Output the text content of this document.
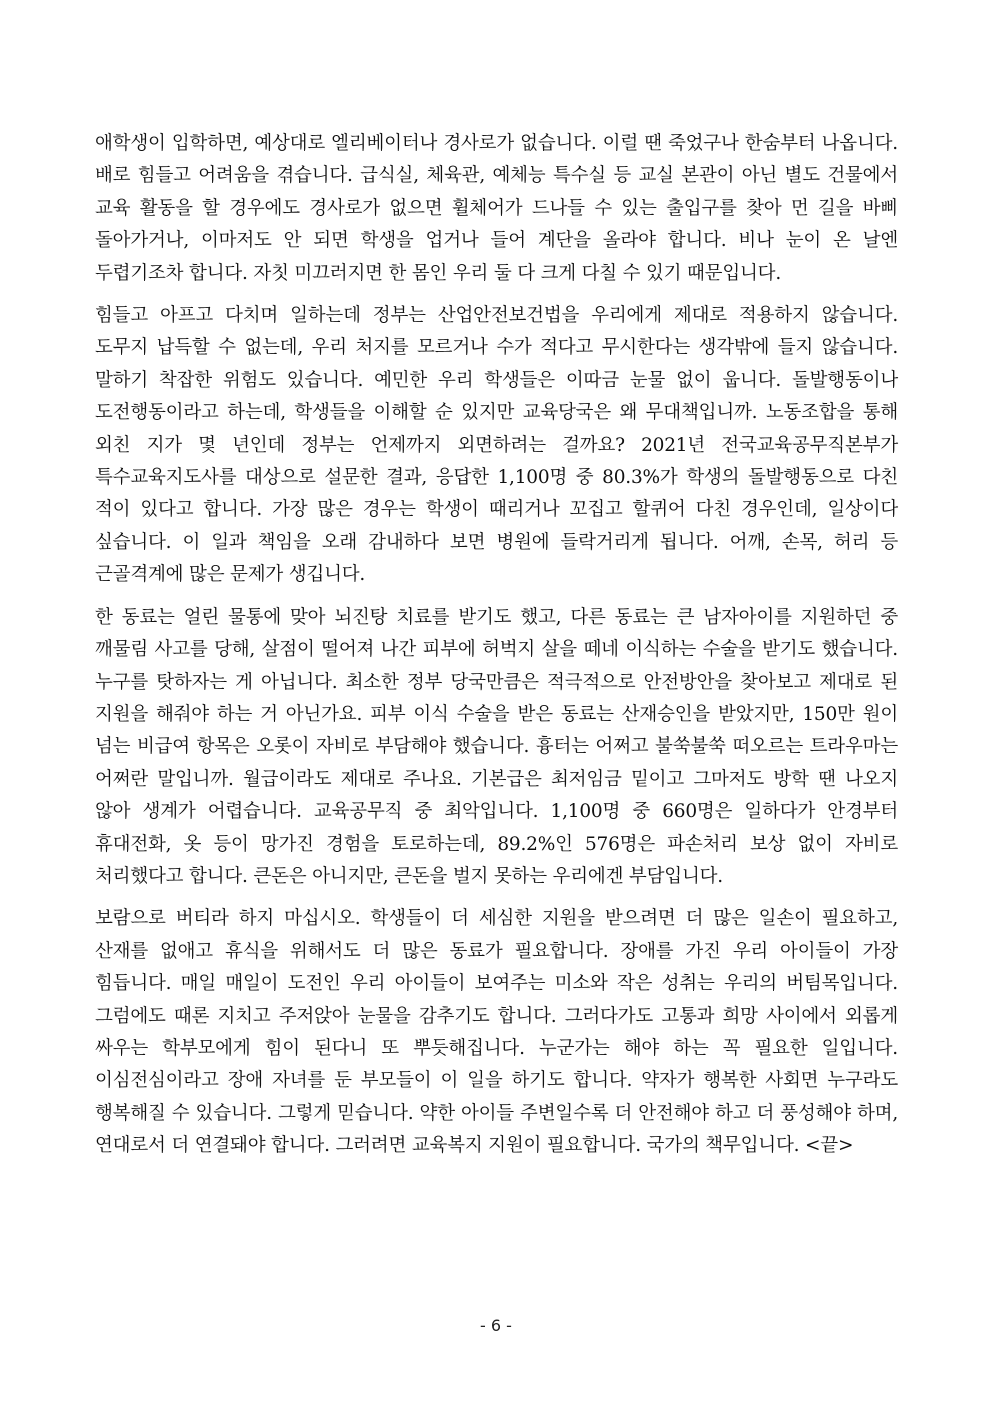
애학생이 입학하면, 예상대로 엘리베이터나 경사로가 없습니다. 이럴 땐 죽었구나 한숨부터 나옵니다. 배로 힘들고 어려움을 겪습니다. 급식실, 체육관, 예체능 특수실 등 교실 본관이 아닌 별도 건물에서 교육 활동을 할 경우에도 경사로가 없으면 휠체어가 드나들 수 있는 출입구를 찾아 먼 길을 바삐 돌아가거나, 이마저도 안 되면 학생을 업거나 들어 계단을 올라야 합니다. 비나 눈이 온 날엔 두렵기조차 합니다. 자칫 미끄러지면 한 몸인 우리 둘 다 크게 다칠 수 있기 때문입니다.

힘들고 아프고 다치며 일하는데 정부는 산업안전보건법을 우리에게 제대로 적용하지 않습니다. 도무지 납득할 수 없는데, 우리 처지를 모르거나 수가 적다고 무시한다는 생각밖에 들지 않습니다. 말하기 착잡한 위험도 있습니다. 예민한 우리 학생들은 이따금 눈물 없이 웁니다. 돌발행동이나 도전행동이라고 하는데, 학생들을 이해할 순 있지만 교육당국은 왜 무대책입니까. 노동조합을 통해 외친 지가 몇 년인데 정부는 언제까지 외면하려는 걸까요? 2021년 전국교육공무직본부가 특수교육지도사를 대상으로 설문한 결과, 응답한 1,100명 중 80.3%가 학생의 돌발행동으로 다친 적이 있다고 합니다. 가장 많은 경우는 학생이 때리거나 꼬집고 할퀴어 다친 경우인데, 일상이다 싶습니다. 이 일과 책임을 오래 감내하다 보면 병원에 들락거리게 됩니다. 어깨, 손목, 허리 등 근골격계에 많은 문제가 생깁니다.

한 동료는 얼린 물통에 맞아 뇌진탕 치료를 받기도 했고, 다른 동료는 큰 남자아이를 지원하던 중 깨물림 사고를 당해, 살점이 떨어져 나간 피부에 허벅지 살을 떼네 이식하는 수술을 받기도 했습니다. 누구를 탓하자는 게 아닙니다. 최소한 정부 당국만큼은 적극적으로 안전방안을 찾아보고 제대로 된 지원을 해줘야 하는 거 아닌가요. 피부 이식 수술을 받은 동료는 산재승인을 받았지만, 150만 원이 넘는 비급여 항목은 오롯이 자비로 부담해야 했습니다. 흉터는 어쩌고 불쑥불쑥 떠오르는 트라우마는 어쩌란 말입니까. 월급이라도 제대로 주나요. 기본급은 최저임금 밑이고 그마저도 방학 땐 나오지 않아 생계가 어렵습니다. 교육공무직 중 최악입니다. 1,100명 중 660명은 일하다가 안경부터 휴대전화, 옷 등이 망가진 경험을 토로하는데, 89.2%인 576명은 파손처리 보상 없이 자비로 처리했다고 합니다. 큰돈은 아니지만, 큰돈을 벌지 못하는 우리에겐 부담입니다.

보람으로 버티라 하지 마십시오. 학생들이 더 세심한 지원을 받으려면 더 많은 일손이 필요하고, 산재를 없애고 휴식을 위해서도 더 많은 동료가 필요합니다. 장애를 가진 우리 아이들이 가장 힘듭니다. 매일 매일이 도전인 우리 아이들이 보여주는 미소와 작은 성취는 우리의 버팀목입니다. 그럼에도 때론 지치고 주저앉아 눈물을 감추기도 합니다. 그러다가도 고통과 희망 사이에서 외롭게 싸우는 학부모에게 힘이 된다니 또 뿌듯해집니다. 누군가는 해야 하는 꼭 필요한 일입니다. 이심전심이라고 장애 자녀를 둔 부모들이 이 일을 하기도 합니다. 약자가 행복한 사회면 누구라도 행복해질 수 있습니다. 그렇게 믿습니다. 약한 아이들 주변일수록 더 안전해야 하고 더 풍성해야 하며, 연대로서 더 연결돼야 합니다. 그러려면 교육복지 지원이 필요합니다. 국가의 책무입니다. <끝>

- 6 -
